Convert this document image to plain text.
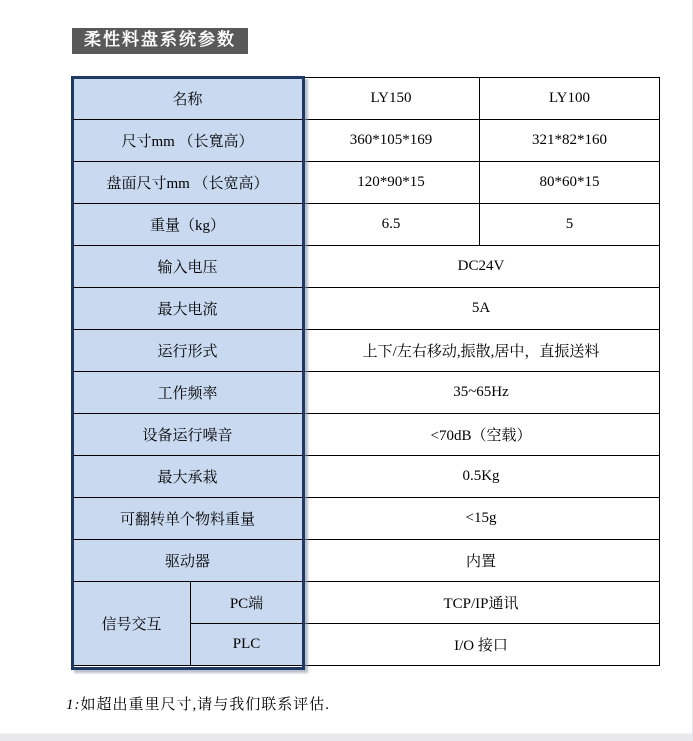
柔性料盘系统参数
名称		LY150	LY100
尺寸mm （长寬高）		360*105*169	321*82*160
盘面尺寸mm （长宽高）		120*90*15	80*60*15
重量（kg）		6.5	5
输入电压		DC24V	
最大电流		5A	
运行形式		上下/左右移动,振散,居中，直振送料	
工作频率		35~65Hz	
设备运行噪音		<70dB（空载）	
最大承栽		0.5Kg	
可翻转单个物料重量		<15g	
驱动器		内置	
信号交互	PC端	TCP/IP通讯	
	PLC	I/O 接口	
1:如超出重里尺寸,请与我们联系评估.
